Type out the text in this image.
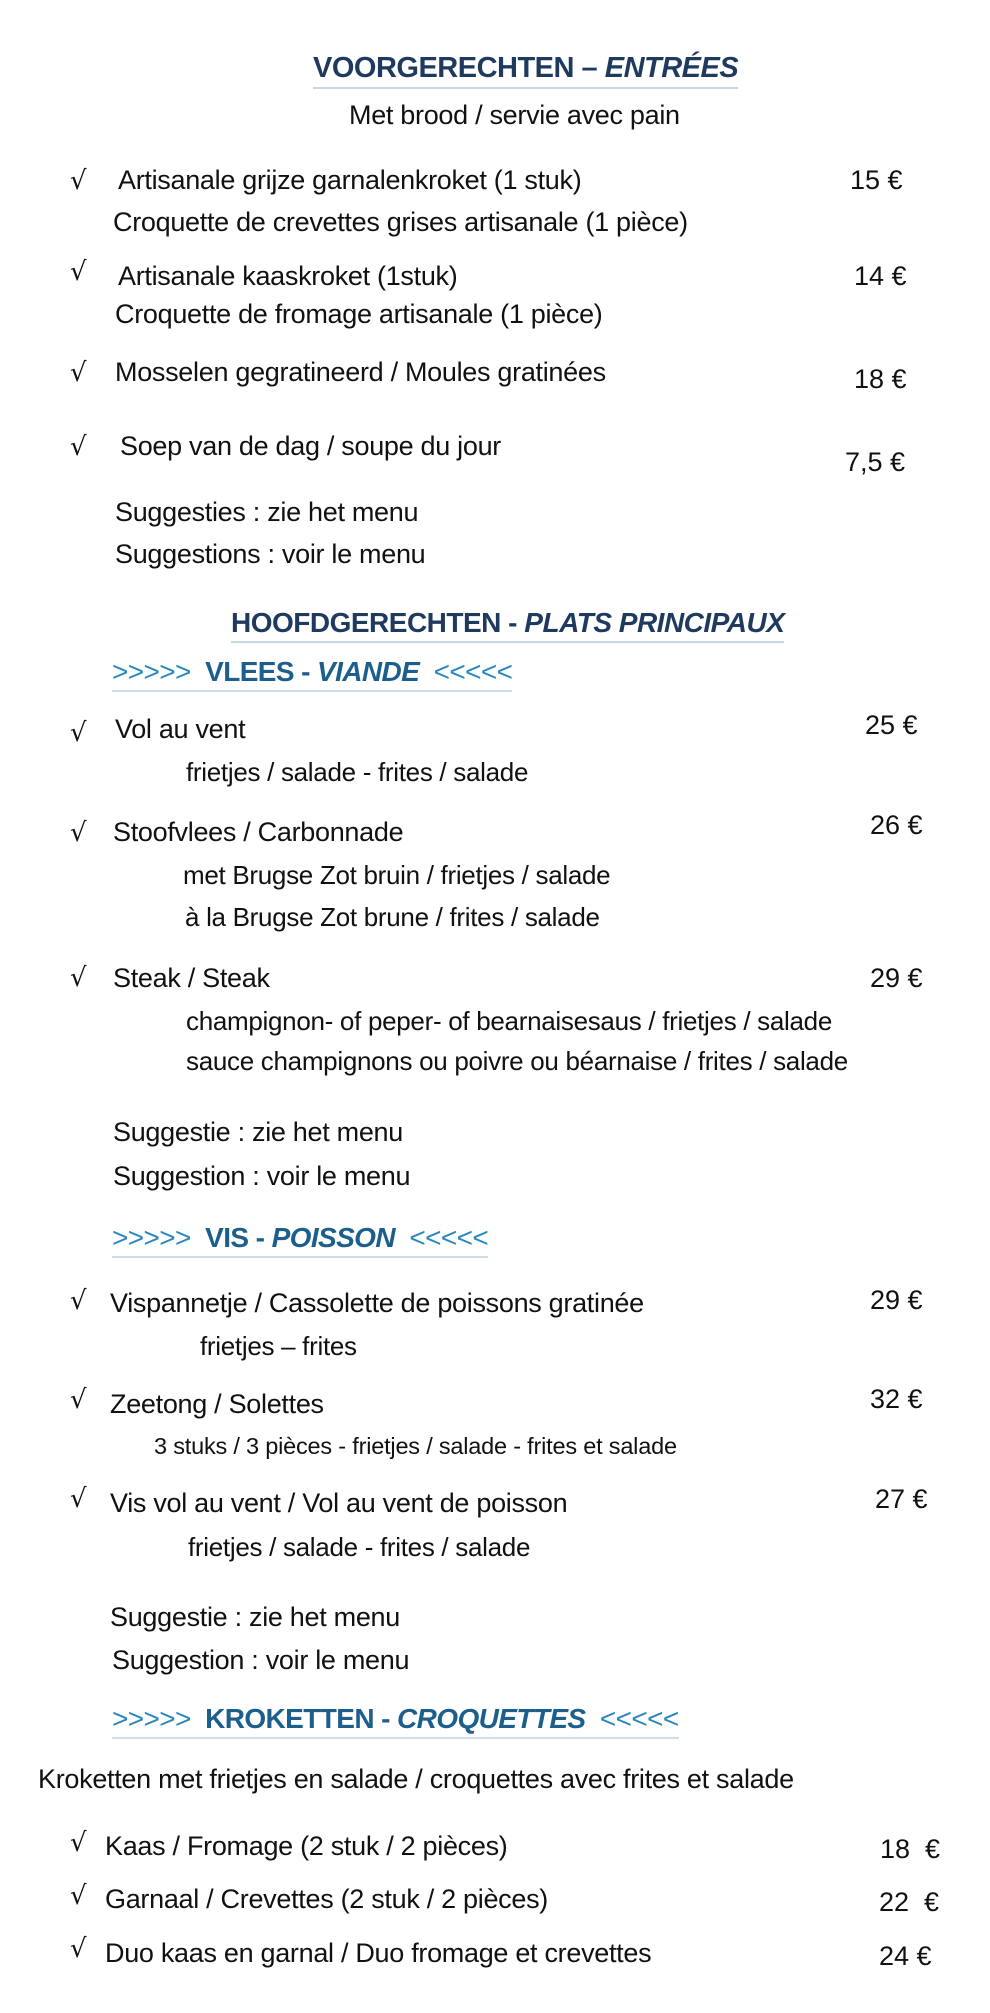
VOORGERECHTEN – ENTRÉES
Met brood / servie avec pain
√ Artisanale grijze garnalenkroket (1 stuk)
Croquette de crevettes grises artisanale (1 pièce)
15 €
√ Artisanale kaaskroket (1stuk)
Croquette de fromage artisanale (1 pièce)
14 €
√ Mosselen gegratineerd / Moules gratinées	18 €
√ Soep van de dag / soupe du jour
7,5 €
Suggesties : zie het menu
Suggestions : voir le menu
HOOFDGERECHTEN - PLATS PRINCIPAUX
>>>>> VLEES - VIANDE <<<<<
√ Vol au vent
frietjes / salade - frites / salade
25 €
√ Stoofvlees / Carbonnade
met Brugse Zot bruin / frietjes / salade
à la Brugse Zot brune / frites / salade
26 €
√ Steak / Steak
champignon- of peper- of bearnaisesaus / frietjes / salade
sauce champignons ou poivre ou béarnaise / frites / salade
29 €
Suggestie : zie het menu
Suggestion : voir le menu
>>>>> VIS - POISSON <<<<<
√ Vispannetje / Cassolette de poissons gratinée
frietjes – frites
29 €
√ Zeetong / Solettes
3 stuks / 3 pièces - frietjes / salade - frites et salade
32 €
√ Vis vol au vent / Vol au vent de poisson
frietjes / salade - frites / salade
27 €
Suggestie : zie het menu
Suggestion : voir le menu
>>>>> KROKETTEN - CROQUETTES <<<<<
Kroketten met frietjes en salade / croquettes avec frites et salade
√ Kaas / Fromage (2 stuk / 2 pièces)	18  €
√ Garnaal / Crevettes (2 stuk / 2 pièces)	22  €
√ Duo kaas en garnal / Duo fromage et crevettes	24 €
